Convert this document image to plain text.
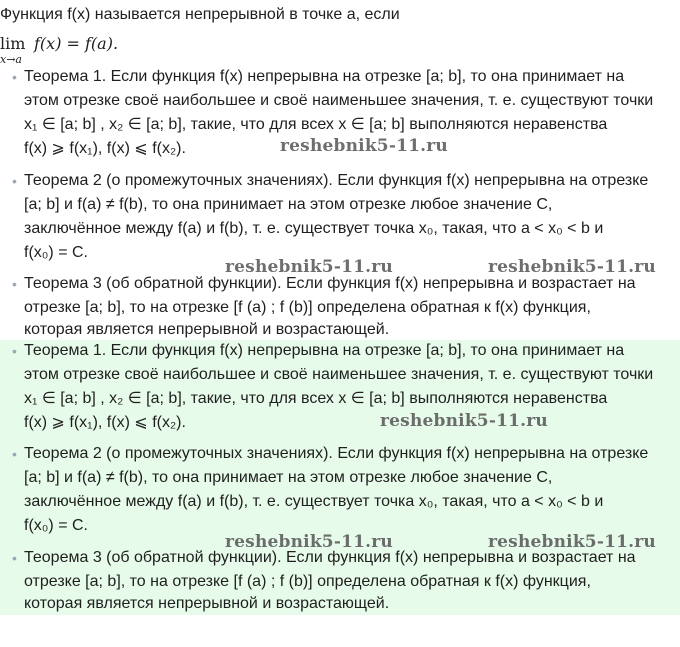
Функция f(x) называется непрерывной в точке a, если
lim
x→a
f(x) = f(a).
• Теорема 1. Если функция f(x) непрерывна на отрезке [a; b], то она принимает на
этом отрезке своё наибольшее и своё наименьшее значения, т. е. существуют точки
x₁ ∈ [a; b] , x₂ ∈ [a; b], такие, что для всех x ∈ [a; b] выполняются неравенства
f(x) ⩾ f(x₁), f(x) ⩽ f(x₂).
• Теорема 2 (о промежуточных значениях). Если функция f(x) непрерывна на отрезке
[a; b] и f(a) ≠ f(b), то она принимает на этом отрезке любое значение C,
заключённое между f(a) и f(b), т. е. существует точка x₀, такая, что a < x₀ < b и
f(x₀) = C.
• Теорема 3 (об обратной функции). Если функция f(x) непрерывна и возрастает на
отрезке [a; b], то на отрезке [f (a) ; f (b)] определена обратная к f(x) функция,
которая является непрерывной и возрастающей.
• Теорема 1. Если функция f(x) непрерывна на отрезке [a; b], то она принимает на
этом отрезке своё наибольшее и своё наименьшее значения, т. е. существуют точки
x₁ ∈ [a; b] , x₂ ∈ [a; b], такие, что для всех x ∈ [a; b] выполняются неравенства
f(x) ⩾ f(x₁), f(x) ⩽ f(x₂).
• Теорема 2 (о промежуточных значениях). Если функция f(x) непрерывна на отрезке
[a; b] и f(a) ≠ f(b), то она принимает на этом отрезке любое значение C,
заключённое между f(a) и f(b), т. е. существует точка x₀, такая, что a < x₀ < b и
f(x₀) = C.
• Теорема 3 (об обратной функции). Если функция f(x) непрерывна и возрастает на
отрезке [a; b], то на отрезке [f (a) ; f (b)] определена обратная к f(x) функция,
которая является непрерывной и возрастающей.
reshebnik5-11.ru
reshebnik5-11.ru	reshebnik5-11.ru
reshebnik5-11.ru
reshebnik5-11.ru	reshebnik5-11.ru
